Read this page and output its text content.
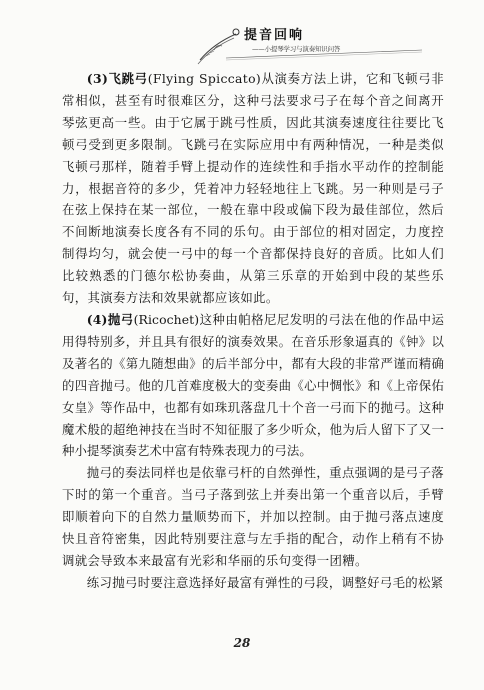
提音回响
——小提琴学习与演奏知识问答

(3)飞跳弓(Flying Spiccato)从演奏方法上讲，它和飞顿弓非常相似，甚至有时很难区分，这种弓法要求弓子在每个音之间离开琴弦更高一些。由于它属于跳弓性质，因此其演奏速度往往要比飞顿弓受到更多限制。飞跳弓在实际应用中有两种情况，一种是类似飞顿弓那样，随着手臂上提动作的连续性和手指水平动作的控制能力，根据音符的多少，凭着冲力轻轻地往上飞跳。另一种则是弓子在弦上保持在某一部位，一般在靠中段或偏下段为最佳部位，然后不间断地演奏长度各有不同的乐句。由于部位的相对固定，力度控制得均匀，就会使一弓中的每一个音都保持良好的音质。比如人们比较熟悉的门德尔松协奏曲，从第三乐章的开始到中段的某些乐句，其演奏方法和效果就都应该如此。

(4)抛弓(Ricochet)这种由帕格尼尼发明的弓法在他的作品中运用得特别多，并且具有很好的演奏效果。在音乐形象逼真的《钟》以及著名的《第九随想曲》的后半部分中，都有大段的非常严谨而精确的四音抛弓。他的几首难度极大的变奏曲《心中惆怅》和《上帝保佑女皇》等作品中，也都有如珠玑落盘几十个音一弓而下的抛弓。这种魔术般的超绝神技在当时不知征服了多少听众，他为后人留下了又一种小提琴演奏艺术中富有特殊表现力的弓法。

抛弓的奏法同样也是依靠弓杆的自然弹性，重点强调的是弓子落下时的第一个重音。当弓子落到弦上并奏出第一个重音以后，手臂即顺着向下的自然力量顺势而下，并加以控制。由于抛弓落点速度快且音符密集，因此特别要注意与左手指的配合，动作上稍有不协调就会导致本来最富有光彩和华丽的乐句变得一团糟。

练习抛弓时要注意选择好最富有弹性的弓段，调整好弓毛的松紧

28
